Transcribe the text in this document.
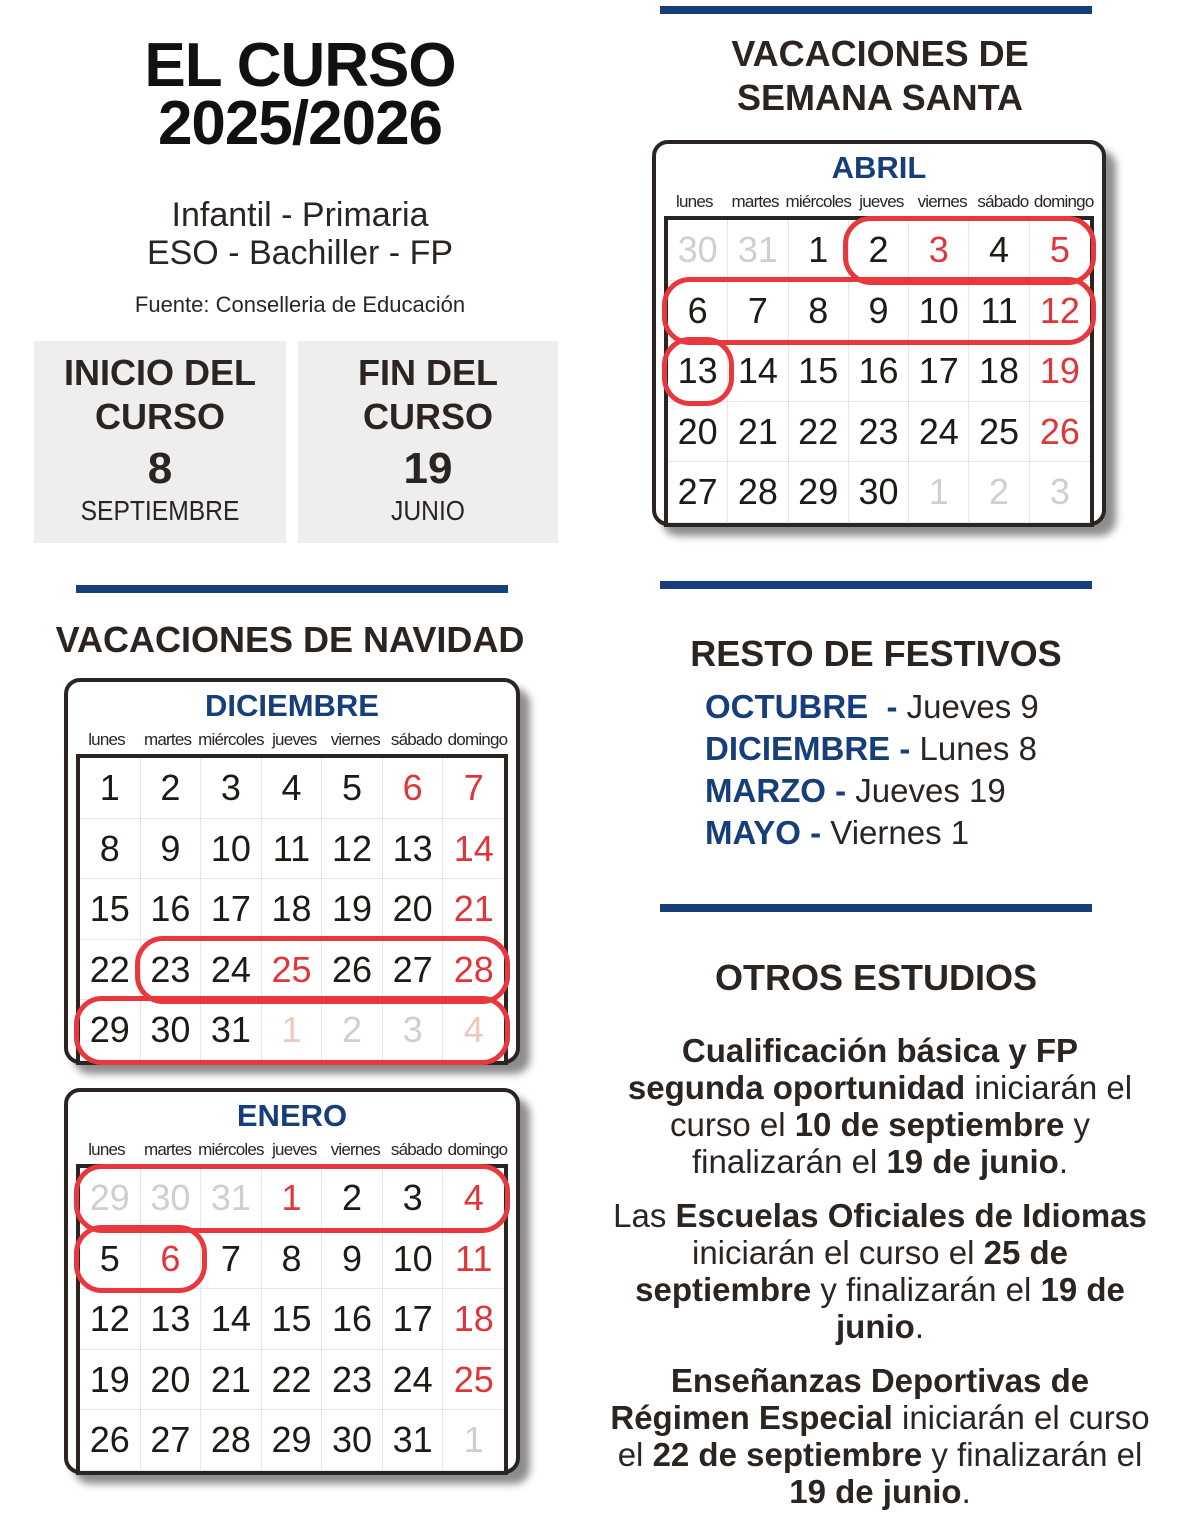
EL CURSO
2025/2026
Infantil - Primaria
ESO - Bachiller - FP
Fuente: Conselleria de Educación
INICIO DEL
CURSO
8
SEPTIEMBRE
FIN DEL
CURSO
19
JUNIO
VACACIONES DE
SEMANA SANTA
ABRIL
lunes	martes miércoles jueves viernes sábado domingo
30 31 1	2	3	4	5
6	7	8	9 10 11 12
13 14 15 16 17 18 19
20 21 22 23 24 25 26
27 28 29 30 1	2	3
VACACIONES DE NAVIDAD
DICIEMBRE
lunes	martes miércoles jueves viernes sábado domingo
1	2	3	4	5	6	7
8	9 10 11 12 13 14
15 16 17 18 19 20 21
22 23 24 25 26 27 28
29 30 31 1	2	3	4
ENERO
lunes	martes miércoles jueves viernes sábado domingo
29 30 31 1	2	3	4
5	6	7	8	9 10 11
12 13 14 15 16 17 18
19 20 21 22 23 24 25
26 27 28 29 30 31 1
RESTO DE FESTIVOS
OCTUBRE  - Jueves 9
DICIEMBRE - Lunes 8
MARZO - Jueves 19
MAYO - Viernes 1
OTROS ESTUDIOS
Cualificación básica y FP segunda oportunidad iniciarán el curso el 10 de septiembre y finalizarán el 19 de junio.
Las Escuelas Oficiales de Idiomas iniciarán el curso el 25 de septiembre y finalizarán el 19 de junio.
Enseñanzas Deportivas de Régimen Especial iniciarán el curso el 22 de septiembre y finalizarán el 19 de junio.
